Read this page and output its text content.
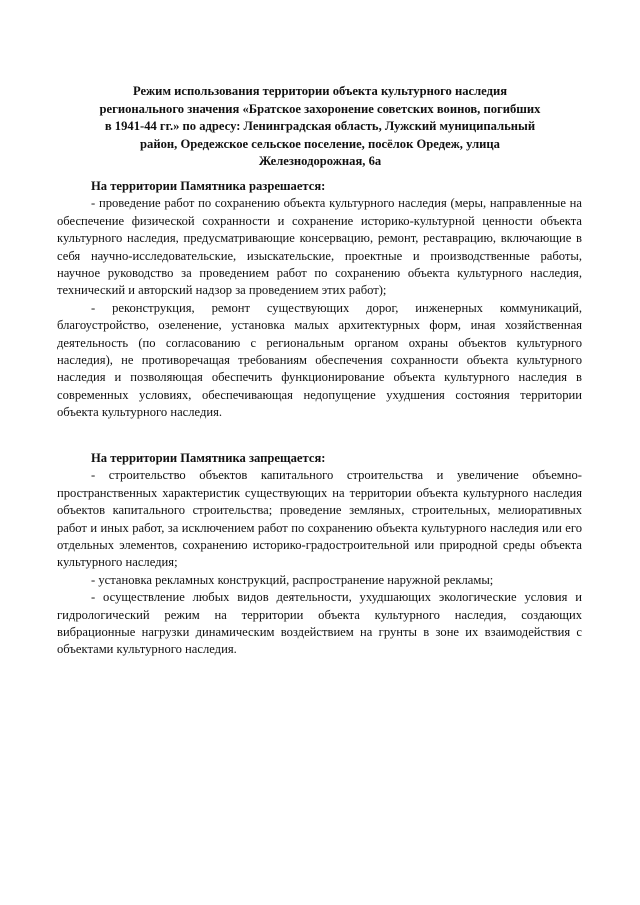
Режим использования территории объекта культурного наследия
регионального значения «Братское захоронение советских воинов, погибших
в 1941-44 гг.» по адресу: Ленинградская область, Лужский муниципальный
район, Оредежское сельское поселение, посёлок Оредеж, улица
Железнодорожная, 6а

На территории Памятника разрешается:

- проведение работ по сохранению объекта культурного наследия (меры, направленные на обеспечение физической сохранности и сохранение историко-культурной ценности объекта культурного наследия, предусматривающие консервацию, ремонт, реставрацию, включающие в себя научно-исследовательские, изыскательские, проектные и производственные работы, научное руководство за проведением работ по сохранению объекта культурного наследия, технический и авторский надзор за проведением этих работ);

- реконструкция, ремонт существующих дорог, инженерных коммуникаций, благоустройство, озеленение, установка малых архитектурных форм, иная хозяйственная деятельность (по согласованию с региональным органом охраны объектов культурного наследия), не противоречащая требованиям обеспечения сохранности объекта культурного наследия и позволяющая обеспечить функционирование объекта культурного наследия в современных условиях, обеспечивающая недопущение ухудшения состояния территории объекта культурного наследия.

На территории Памятника запрещается:

- строительство объектов капитального строительства и увеличение объемно-пространственных характеристик существующих на территории объекта культурного наследия объектов капитального строительства; проведение земляных, строительных, мелиоративных работ и иных работ, за исключением работ по сохранению объекта культурного наследия или его отдельных элементов, сохранению историко-градостроительной или природной среды объекта культурного наследия;

- установка рекламных конструкций, распространение наружной рекламы;

- осуществление любых видов деятельности, ухудшающих экологические условия и гидрологический режим на территории объекта культурного наследия, создающих вибрационные нагрузки динамическим воздействием на грунты в зоне их взаимодействия с объектами культурного наследия.
